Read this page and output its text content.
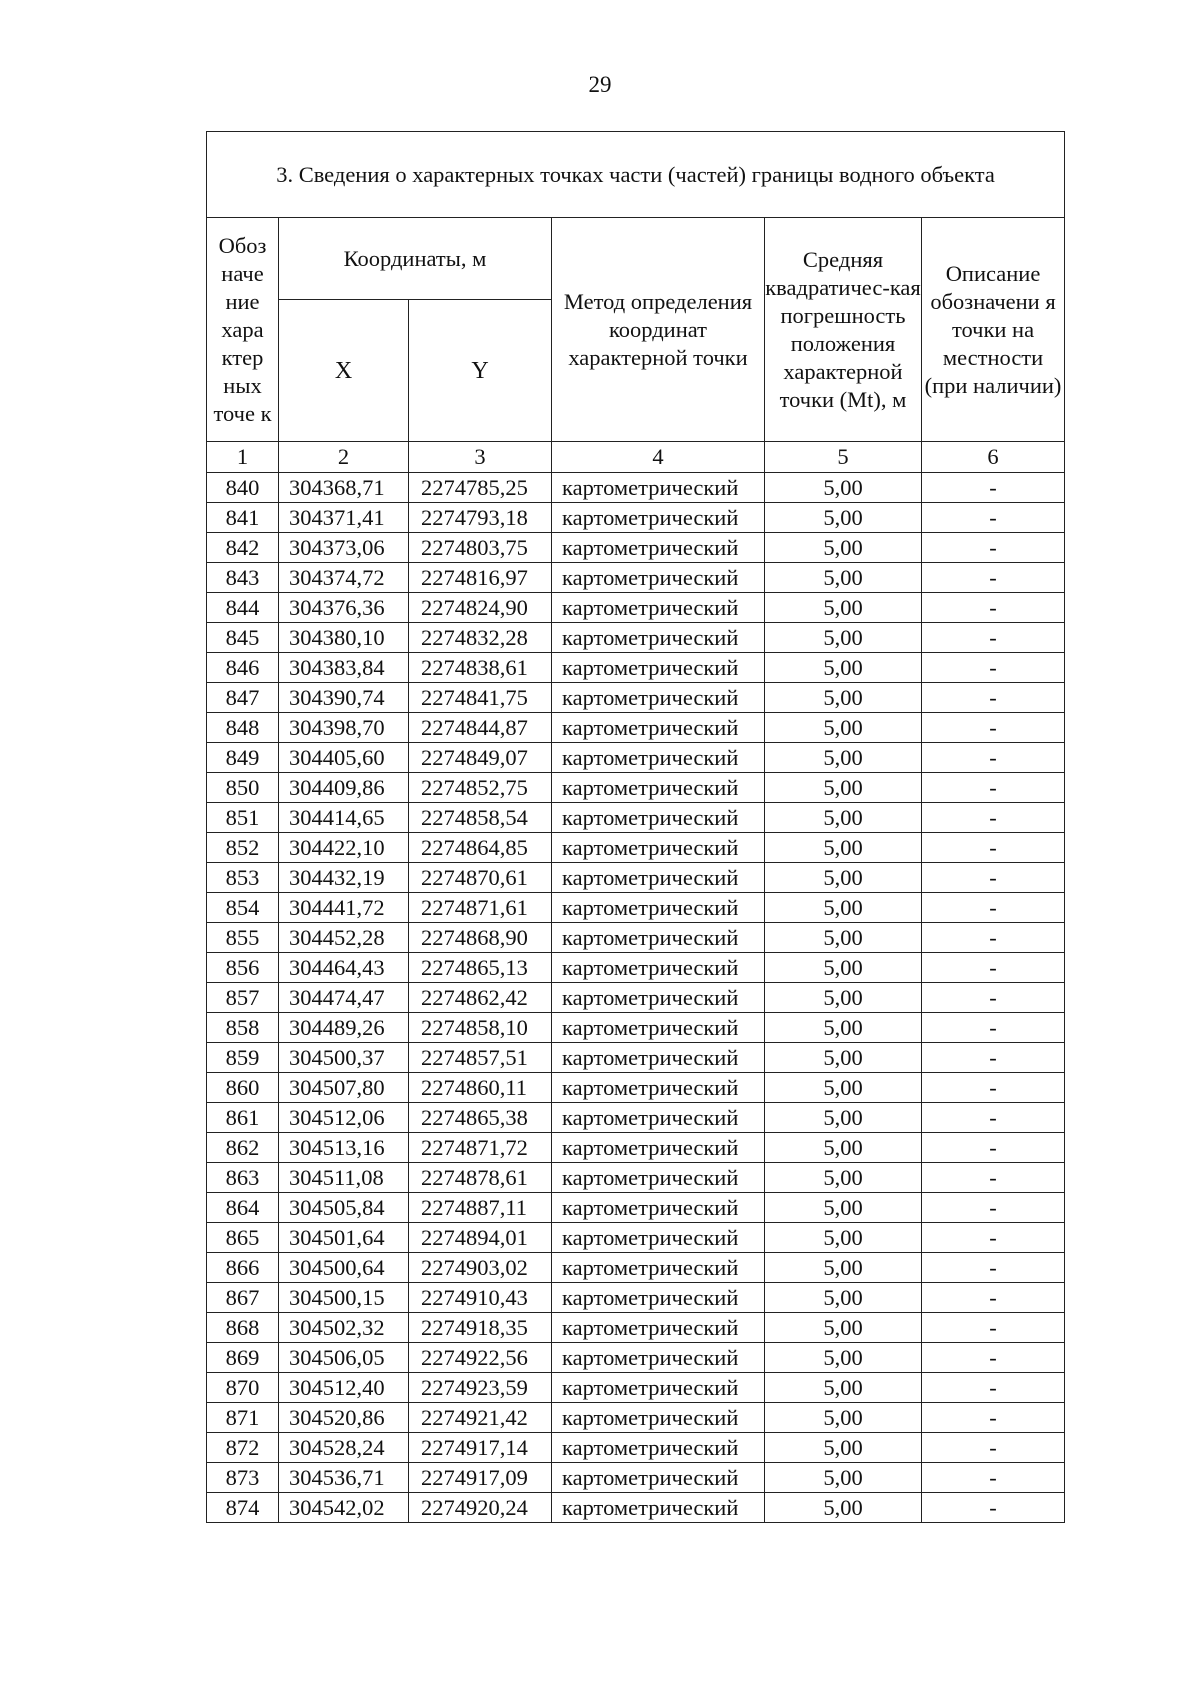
29
3. Сведения о характерных точках части (частей) границы водного объекта					
Обоз наче ние хара ктер ных точе к	Координаты, м		Метод определения координат характерной точки	Средняя квадратичес-кая погрешность положения характерной точки (Mt), м	Описание обозначени я точки на местности (при наличии)
	X	Y			
1	2	3	4	5	6
840	304368,71	2274785,25	картометрический	5,00	-
841	304371,41	2274793,18	картометрический	5,00	-
842	304373,06	2274803,75	картометрический	5,00	-
843	304374,72	2274816,97	картометрический	5,00	-
844	304376,36	2274824,90	картометрический	5,00	-
845	304380,10	2274832,28	картометрический	5,00	-
846	304383,84	2274838,61	картометрический	5,00	-
847	304390,74	2274841,75	картометрический	5,00	-
848	304398,70	2274844,87	картометрический	5,00	-
849	304405,60	2274849,07	картометрический	5,00	-
850	304409,86	2274852,75	картометрический	5,00	-
851	304414,65	2274858,54	картометрический	5,00	-
852	304422,10	2274864,85	картометрический	5,00	-
853	304432,19	2274870,61	картометрический	5,00	-
854	304441,72	2274871,61	картометрический	5,00	-
855	304452,28	2274868,90	картометрический	5,00	-
856	304464,43	2274865,13	картометрический	5,00	-
857	304474,47	2274862,42	картометрический	5,00	-
858	304489,26	2274858,10	картометрический	5,00	-
859	304500,37	2274857,51	картометрический	5,00	-
860	304507,80	2274860,11	картометрический	5,00	-
861	304512,06	2274865,38	картометрический	5,00	-
862	304513,16	2274871,72	картометрический	5,00	-
863	304511,08	2274878,61	картометрический	5,00	-
864	304505,84	2274887,11	картометрический	5,00	-
865	304501,64	2274894,01	картометрический	5,00	-
866	304500,64	2274903,02	картометрический	5,00	-
867	304500,15	2274910,43	картометрический	5,00	-
868	304502,32	2274918,35	картометрический	5,00	-
869	304506,05	2274922,56	картометрический	5,00	-
870	304512,40	2274923,59	картометрический	5,00	-
871	304520,86	2274921,42	картометрический	5,00	-
872	304528,24	2274917,14	картометрический	5,00	-
873	304536,71	2274917,09	картометрический	5,00	-
874	304542,02	2274920,24	картометрический	5,00	-
